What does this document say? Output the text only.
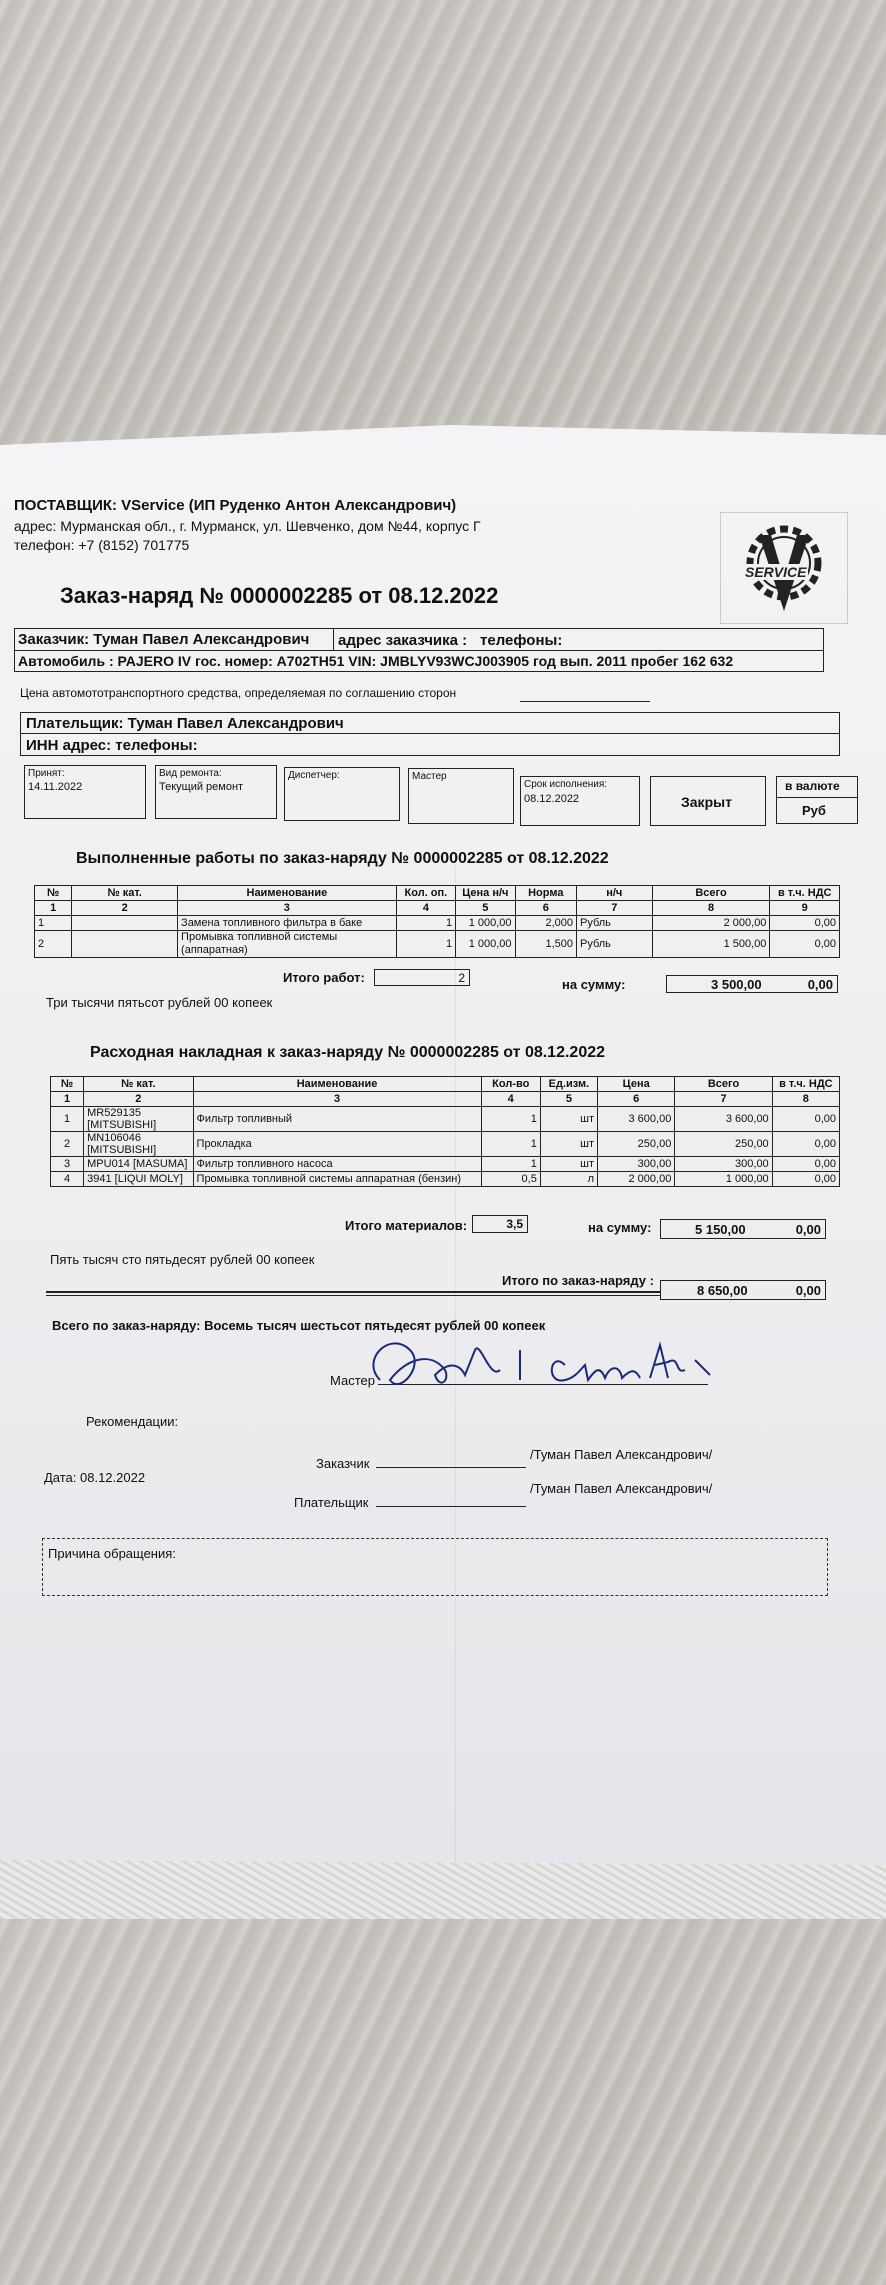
ПОСТАВЩИК: VService (ИП Руденко Антон Александрович)
адрес: Мурманская обл., г. Мурманск, ул. Шевченко, дом №44, корпус Г
телефон: +7 (8152) 701775
SERVICE
Заказ-наряд № 0000002285 от 08.12.2022
Заказчик: Туман Павел Александрович адрес заказчика : телефоны:
Автомобиль : PAJERO IV гос. номер: A702TH51 VIN: JMBLYV93WCJ003905 год вып. 2011 пробег 162 632
Цена автомототранспортного средства, определяемая по соглашению сторон
Плательщик: Туман Павел Александрович
ИНН адрес: телефоны:
Принят:
14.11.2022
Вид ремонта:
Текущий ремонт
Диспетчер:	Мастер
Срок исполнения:
08.12.2022	Закрыт
в валюте
Руб
Выполненные работы по заказ-наряду № 0000002285 от 08.12.2022
№	№ кат.	Наименование	Кол. оп.	Цена н/ч	Норма	н/ч	Всего	в т.ч. НДС
1	2	3	4	5	6	7	8	9
1		Замена топливного фильтра в баке	1	1 000,00	2,000	Рубль	2 000,00	0,00
2		Промывка топливной системы (аппаратная)	1	1 000,00	1,500	Рубль	1 500,00	0,00
Итого работ:	2	на сумму:	3 500,00	0,00
Три тысячи пятьсот рублей 00 копеек
Расходная накладная к заказ-наряду № 0000002285 от 08.12.2022
№	№ кат.	Наименование	Кол-во	Ед.изм.	Цена	Всего	в т.ч. НДС
1	2	3	4	5	6	7	8
1	MR529135 [MITSUBISHI]	Фильтр топливный	1	шт	3 600,00	3 600,00	0,00
2	MN106046 [MITSUBISHI]	Прокладка	1	шт	250,00	250,00	0,00
3	MPU014 [MASUMA]	Фильтр топливного насоса	1	шт	300,00	300,00	0,00
4	3941 [LIQUI MOLY]	Промывка топливной системы аппаратная (бензин)	0,5	л	2 000,00	1 000,00	0,00
Итого материалов:	3,5	на сумму:	5 150,00	0,00
Пять тысяч сто пятьдесят рублей 00 копеек
Итого по заказ-наряду :
8 650,00	0,00
Всего по заказ-наряду: Восемь тысяч шестьсот пятьдесят рублей 00 копеек
Мастер
Рекомендации:
Заказчик
/Туман Павел Александрович/
Дата: 08.12.2022
Плательщик
/Туман Павел Александрович/
Причина обращения:
